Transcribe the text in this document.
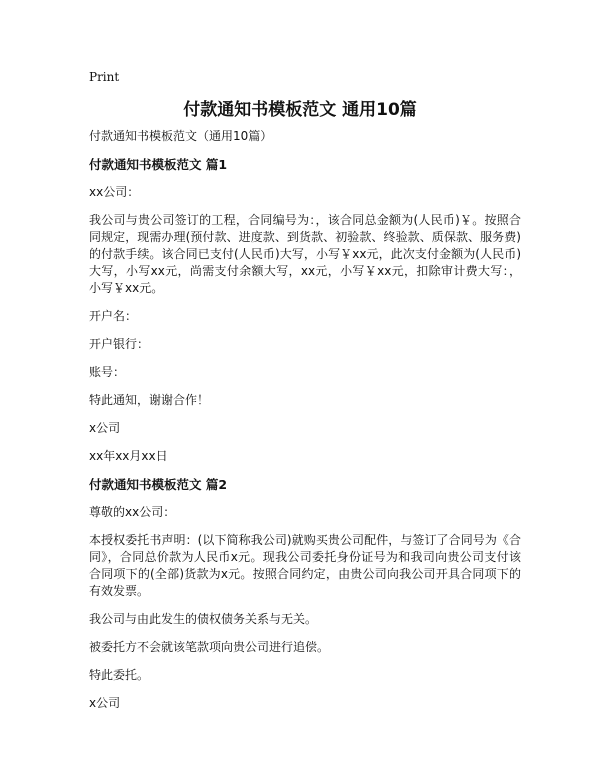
Print
付款通知书模板范文 通用10篇

付款通知书模板范文（通用10篇）

付款通知书模板范文 篇1

xx公司：

我公司与贵公司签订的工程，合同编号为：，该合同总金额为(人民币)￥。按照合同规定，现需办理(预付款、进度款、到货款、初验款、终验款、质保款、服务费)的付款手续。该合同已支付(人民币)大写，小写￥xx元，此次支付金额为(人民币)大写，小写xx元，尚需支付余额大写，xx元，小写￥xx元，扣除审计费大写：，小写￥xx元。

开户名：

开户银行：

账号：

特此通知，谢谢合作！

x公司

xx年xx月xx日

付款通知书模板范文 篇2

尊敬的xx公司：

本授权委托书声明：(以下简称我公司)就购买贵公司配件，与签订了合同号为《合同》，合同总价款为人民币x元。现我公司委托身份证号为和我司向贵公司支付该合同项下的(全部)货款为x元。按照合同约定，由贵公司向我公司开具合同项下的有效发票。

我公司与由此发生的债权债务关系与无关。

被委托方不会就该笔款项向贵公司进行追偿。

特此委托。

x公司
